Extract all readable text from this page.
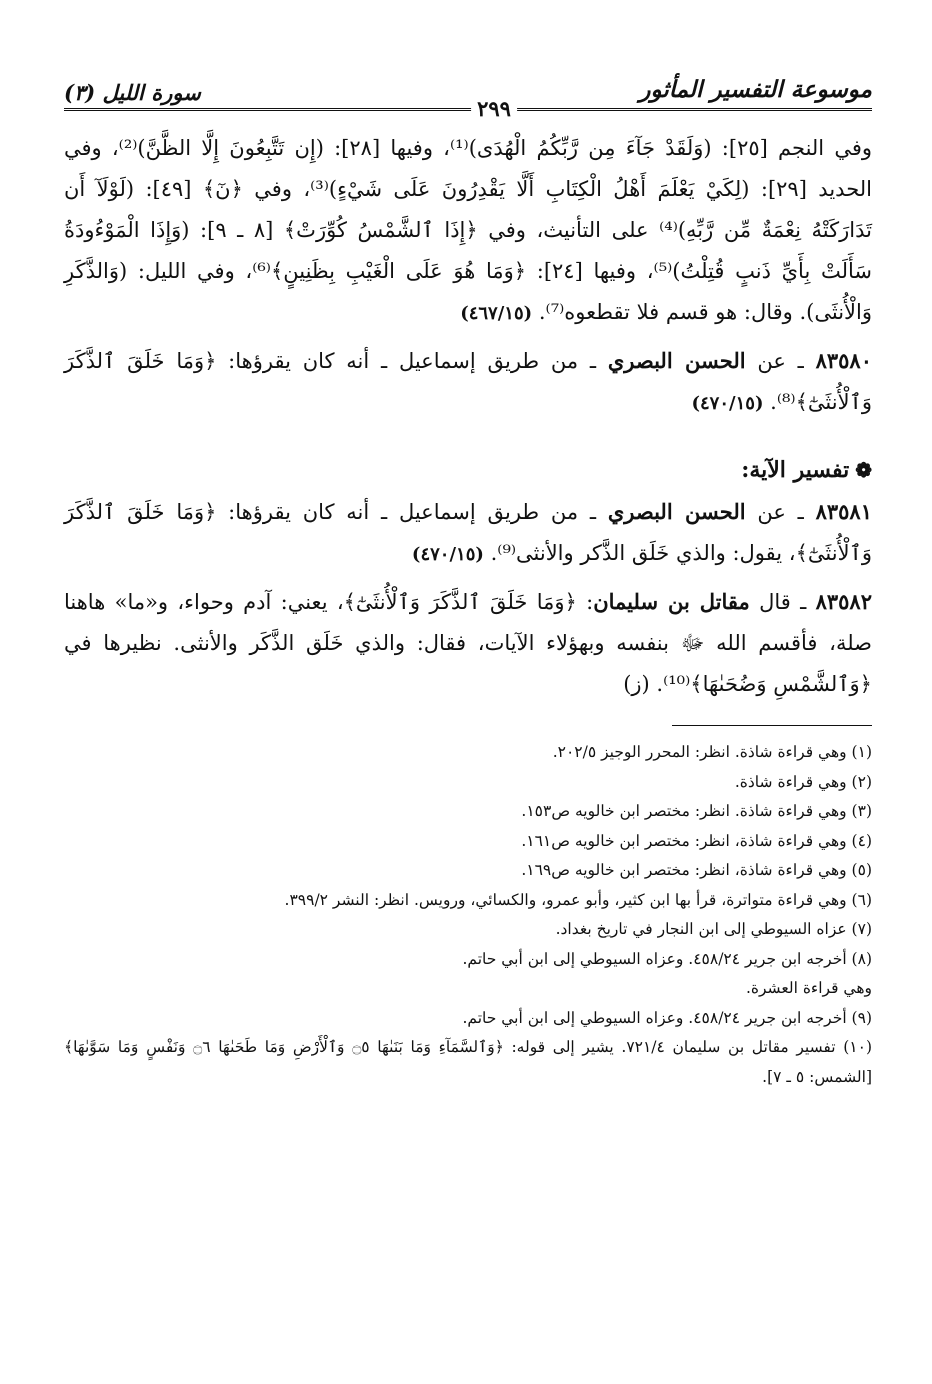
موسوعة التفسير المأثور
سورة الليل (٣)
٢٩٩

وفي النجم [٢٥]: (وَلَقَدْ جَآءَ مِن رَّبِّكُمُ الْهُدَى)⁽¹⁾، وفيها [٢٨]: (إِن تَتَّبِعُونَ إِلَّا الظَّنَّ)⁽²⁾، وفي الحديد [٢٩]: (لِكَيْ يَعْلَمَ أَهْلُ الْكِتَابِ أَلَّا يَقْدِرُونَ عَلَى شَيْءٍ)⁽³⁾، وفي ﴿نٓ﴾ [٤٩]: (لَوْلَآ أَن تَدَارَكَتْهُ نِعْمَةٌ مِّن رَّبِّهِ)⁽⁴⁾ على التأنيث، وفي ﴿إِذَا ٱلشَّمْسُ كُوِّرَتْ﴾ [٨ ـ ٩]: (وَإِذَا الْمَوْءُودَةُ سَأَلَتْ بِأَيِّ ذَنبٍ قُتِلْتُ)⁽⁵⁾، وفيها [٢٤]: ﴿وَمَا هُوَ عَلَى الْغَيْبِ بِظَنِينٍ﴾⁽⁶⁾، وفي الليل: (وَالذَّكَرِ وَالْأُنثَى). وقال: هو قسم فلا تقطعوه⁽⁷⁾. (٤٦٧/١٥)

٨٣٥٨٠ ـ عن الحسن البصري ـ من طريق إسماعيل ـ أنه كان يقرؤها: ﴿وَمَا خَلَقَ ٱلذَّكَرَ وَٱلْأُنثَىٰٓ﴾⁽⁸⁾. (٤٧٠/١٥)

❁تفسير الآية:

٨٣٥٨١ ـ عن الحسن البصري ـ من طريق إسماعيل ـ أنه كان يقرؤها: ﴿وَمَا خَلَقَ ٱلذَّكَرَ وَٱلْأُنثَىٰٓ﴾، يقول: والذي خَلَق الذَّكر والأنثى⁽⁹⁾. (٤٧٠/١٥)

٨٣٥٨٢ ـ قال مقاتل بن سليمان: ﴿وَمَا خَلَقَ ٱلذَّكَرَ وَٱلْأُنثَىٰٓ﴾، يعني: آدم وحواء، و«ما» هاهنا صلة، فأقسم الله ﷻ بنفسه وبهؤلاء الآيات، فقال: والذي خَلَق الذَّكَر والأنثى. نظيرها في ﴿وَٱلشَّمْسِ وَضُحَىٰهَا﴾⁽¹⁰⁾. (ز)

(١) وهي قراءة شاذة. انظر: المحرر الوجيز ٢٠٢/٥.

(٢) وهي قراءة شاذة.

(٣) وهي قراءة شاذة. انظر: مختصر ابن خالويه ص١٥٣.

(٤) وهي قراءة شاذة، انظر: مختصر ابن خالويه ص١٦١.

(٥) وهي قراءة شاذة، انظر: مختصر ابن خالويه ص١٦٩.

(٦) وهي قراءة متواترة، قرأ بها ابن كثير، وأبو عمرو، والكسائي، ورويس. انظر: النشر ٣٩٩/٢.

(٧) عزاه السيوطي إلى ابن النجار في تاريخ بغداد.

(٨) أخرجه ابن جرير ٤٥٨/٢٤. وعزاه السيوطي إلى ابن أبي حاتم.

وهي قراءة العشرة.

(٩) أخرجه ابن جرير ٤٥٨/٢٤. وعزاه السيوطي إلى ابن أبي حاتم.

(١٠) تفسير مقاتل بن سليمان ٧٢١/٤. يشير إلى قوله: ﴿وَٱلسَّمَآءِ وَمَا بَنَىٰهَا ۝٥ وَٱلْأَرْضِ وَمَا طَحَىٰهَا ۝٦ وَنَفْسٍ وَمَا سَوَّىٰهَا﴾ [الشمس: ٥ ـ ٧].
